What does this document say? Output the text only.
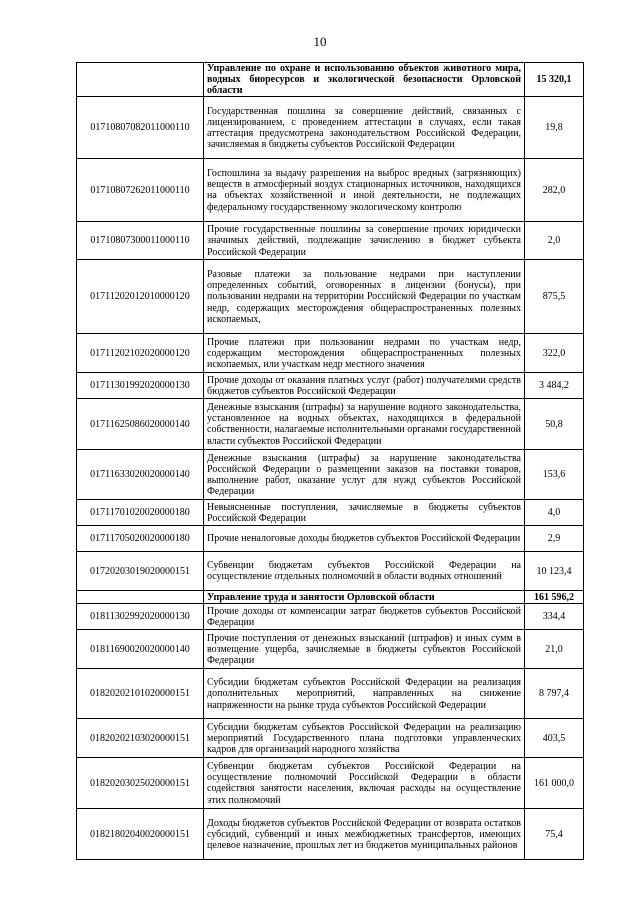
10
	Управление по охране и использованию объектов животного мира, водных биоресурсов и экологической безопасности Орловской области	15 320,1
01710807082011000110	Государственная пошлина за совершение действий, связанных с лицензированием, с проведением аттестации в случаях, если такая аттестация предусмотрена законодательством Российской Федерации, зачисляемая в бюджеты субъектов Российской Федерации	19,8
01710807262011000110	Госпошлина за выдачу разрешения на выброс вредных (загрязняющих) веществ в атмосферный воздух стационарных источников, находящихся на объектах хозяйственной и иной деятельности, не подлежащих федеральному государственному экологическому контролю	282,0
01710807300011000110	Прочие государственные пошлины за совершение прочих юридически значимых действий, подлежащие зачислению в бюджет субъекта Российской Федерации	2,0
01711202012010000120	Разовые платежи за пользование недрами при наступлении определенных событий, оговоренных в лицензии (бонусы), при пользовании недрами на территории Российской Федерации по участкам недр, содержащих месторождения общераспространенных полезных ископаемых,	875,5
01711202102020000120	Прочие платежи при пользовании недрами по участкам недр, содержащим месторождения общераспространенных полезных ископаемых, или участкам недр местного значения	322,0
01711301992020000130	Прочие доходы от оказания платных услуг (работ) получателями средств бюджетов субъектов Российской Федерации	3 484,2
01711625086020000140	Денежные взыскания (штрафы) за нарушение водного законодательства, установленное на водных объектах, находящихся в федеральной собственности, налагаемые исполнительными органами государственной власти субъектов Российской Федерации	50,8
01711633020020000140	Денежные взыскания (штрафы) за нарушение законодательства Российской Федерации о размещении заказов на поставки товаров, выполнение работ, оказание услуг для нужд субъектов Российской Федерации	153,6
01711701020020000180	Невыясненные поступления, зачисляемые в бюджеты субъектов Российской Федерации	4,0
01711705020020000180	Прочие неналоговые доходы бюджетов субъектов Российской Федерации	2,9
01720203019020000151	Субвенции бюджетам субъектов Российской Федерации на осуществление отдельных полномочий в области водных отношений	10 123,4
	Управление труда и занятости Орловской области	161 596,2
01811302992020000130	Прочие доходы от компенсации затрат бюджетов субъектов Российской Федерации	334,4
01811690020020000140	Прочие поступления от денежных взысканий (штрафов) и иных сумм в возмещение ущерба, зачисляемые в бюджеты субъектов Российской Федерации	21,0
01820202101020000151	Субсидии бюджетам субъектов Российской Федерации на реализация дополнительных мероприятий, направленных на снижение напряженности на рынке труда субъектов Российской Федерации	8 797,4
01820202103020000151	Субсидии бюджетам субъектов Российской Федерации на реализацию мероприятий Государственного плана подготовки управленческих кадров для организаций народного хозяйства	403,5
01820203025020000151	Субвенции бюджетам субъектов Российской Федерации на осуществление полномочий Российской Федерации в области содействия занятости населения, включая расходы на осуществление этих полномочий	161 000,0
01821802040020000151	Доходы бюджетов субъектов Российской Федерации от возврата остатков субсидий, субвенций и иных межбюджетных трансфертов, имеющих целевое назначение, прошлых лет из бюджетов муниципальных районов	75,4
